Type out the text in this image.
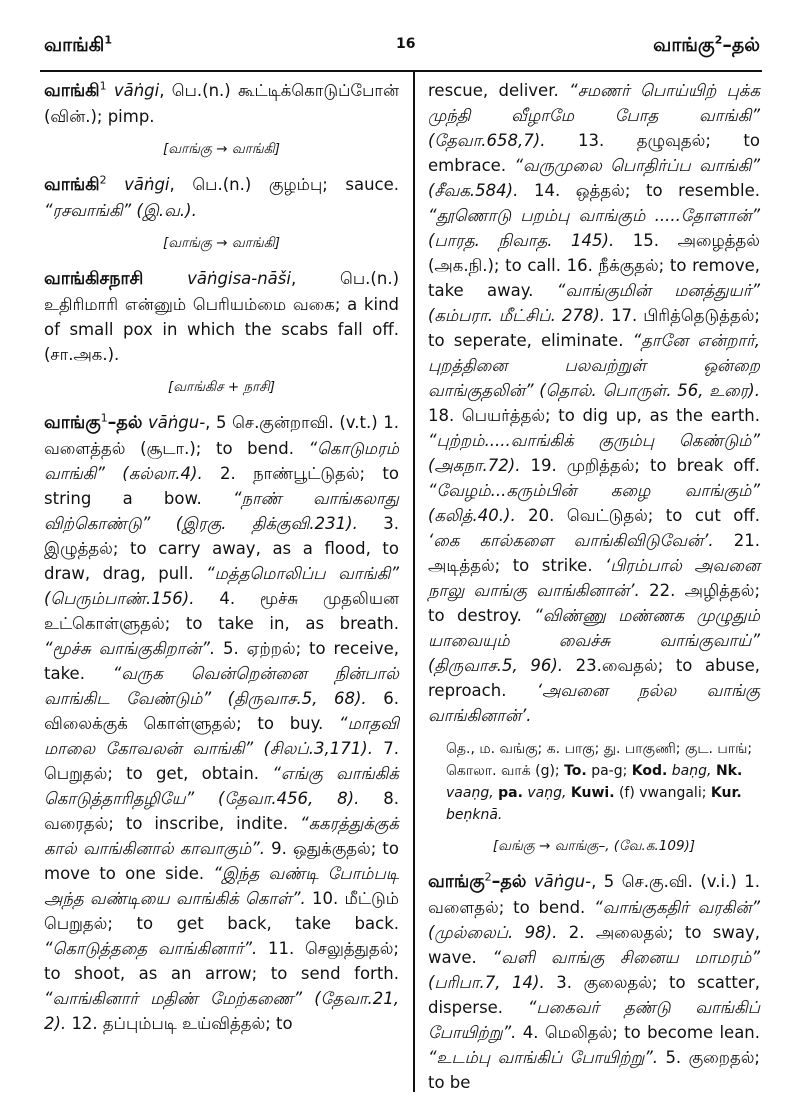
வாங்கி$^1$	16	வாங்கு$^2$–தல்

வாங்கி$^1$ vāṅgi, பெ.(n.) கூட்டிக்கொடுப்போன் (வின்.); pimp.

[வாங்கு → வாங்கி]

வாங்கி$^2$ vāṅgi, பெ.(n.) குழம்பு; sauce. “ரசவாங்கி” (இ.வ.).

[வாங்கு → வாங்கி]

வாங்கிசநாசி	vāṅgisa-nāši, பெ.(n.) உதிரிமாரி என்னும் பெரியம்மை வகை; a kind of small pox in which the scabs fall off. (சா.அக.).

[வாங்கிச + நாசி]

வாங்கு$^1$–தல் vāṅgu-, 5 செ.குன்றாவி. (v.t.) 1. வளைத்தல் (சூடா.); to bend. “கொடுமரம் வாங்கி” (கல்லா.4). 2. நாண்பூட்டுதல்; to string a bow. “நாண் வாங்கலாது விற்கொண்டு” (இரகு. திக்குவி.231). 3. இழுத்தல்; to carry away, as a flood, to draw, drag, pull. “மத்தமொலிப்ப வாங்கி” (பெரும்பாண்.156). 4. மூச்சு முதலியன உட்கொள்ளுதல்; to take in, as breath. “மூச்சு வாங்குகிறான்”. 5. ஏற்றல்; to receive, take. “வருக வென்றென்னை நின்பால் வாங்கிட வேண்டும்” (திருவாச.5, 68). 6. விலைக்குக் கொள்ளுதல்; to buy. “மாதவி மாலை கோவலன் வாங்கி” (சிலப்.3,171). 7. பெறுதல்; to get, obtain. “எங்கு வாங்கிக் கொடுத்தாரிதழியே” (தேவா.456, 8). 8. வரைதல்; to inscribe, indite. “ககரத்துக்குக் கால் வாங்கினால் காவாகும்”. 9. ஒதுக்குதல்; to move to one side. “இந்த வண்டி போம்படி அந்த வண்டியை வாங்கிக் கொள்”. 10. மீட்டும் பெறுதல்; to get back, take back. “கொடுத்ததை வாங்கினார்”. 11. செலுத்துதல்; to shoot, as an arrow; to send forth. “வாங்கினார் மதிண் மேற்கணை” (தேவா.21, 2). 12. தப்பும்படி உய்வித்தல்; to

rescue, deliver. “சமணர் பொய்யிற் புக்க முந்தி வீழாமே போத வாங்கி” (தேவா.658,7). 13. தழுவுதல்; to embrace. “வருமுலை பொதிர்ப்ப வாங்கி” (சீவக.584). 14. ஒத்தல்; to resemble. “தூணொடு பறம்பு வாங்கும் .....தோளான்” (பாரத. நிவாத. 145). 15. அழைத்தல் (அக.நி.); to call. 16. நீக்குதல்; to remove, take away. “வாங்குமின் மனத்துயர்” (கம்பரா. மீட்சிப். 278). 17. பிரித்தெடுத்தல்; to seperate, eliminate. “தானே என்றார், புறத்தினை பலவற்றுள் ஒன்றை வாங்குதலின்” (தொல். பொருள். 56, உரை). 18. பெயர்த்தல்; to dig up, as the earth. “புற்றம்.....வாங்கிக் குரும்பு கெண்டும்” (அகநா.72). 19. முறித்தல்; to break off. “வேழம்...கரும்பின் கழை வாங்கும்” (கலித்.40.). 20. வெட்டுதல்; to cut off. ‘கை கால்களை வாங்கிவிடுவேன்’. 21. அடித்தல்; to strike. ‘பிரம்பால் அவனை நாலு வாங்கு வாங்கினான்’. 22. அழித்தல்; to destroy. “விண்ணு மண்ணக முழுதும் யாவையும் வைச்சு வாங்குவாய்” (திருவாச.5, 96). 23.வைதல்; to abuse, reproach. ‘அவனை நல்ல வாங்கு வாங்கினான்’.

தெ., ம. வங்கு; க. பாகு; து. பாகுணி; குட. பாங்; கொலா. வாக் (g); To. pa-g; Kod. baṇg, Nk. vaaṇg, pa. vaṇg, Kuwi. (f) vwangali; Kur. beṇknā.

[வங்கு → வாங்கு–, (வே.க.109)]

வாங்கு$^2$–தல் vāṅgu-, 5 செ.கு.வி. (v.i.) 1. வளைதல்; to bend. “வாங்குகதிர் வரகின்” (முல்லைப். 98). 2. அலைதல்; to sway, wave. “வளி வாங்கு சினைய மாமரம்” (பரிபா.7, 14). 3. குலைதல்; to scatter, disperse. “பகைவர் தண்டு வாங்கிப் போயிற்று”. 4. மெலிதல்; to become lean. “உடம்பு வாங்கிப் போயிற்று”. 5. குறைதல்; to be
